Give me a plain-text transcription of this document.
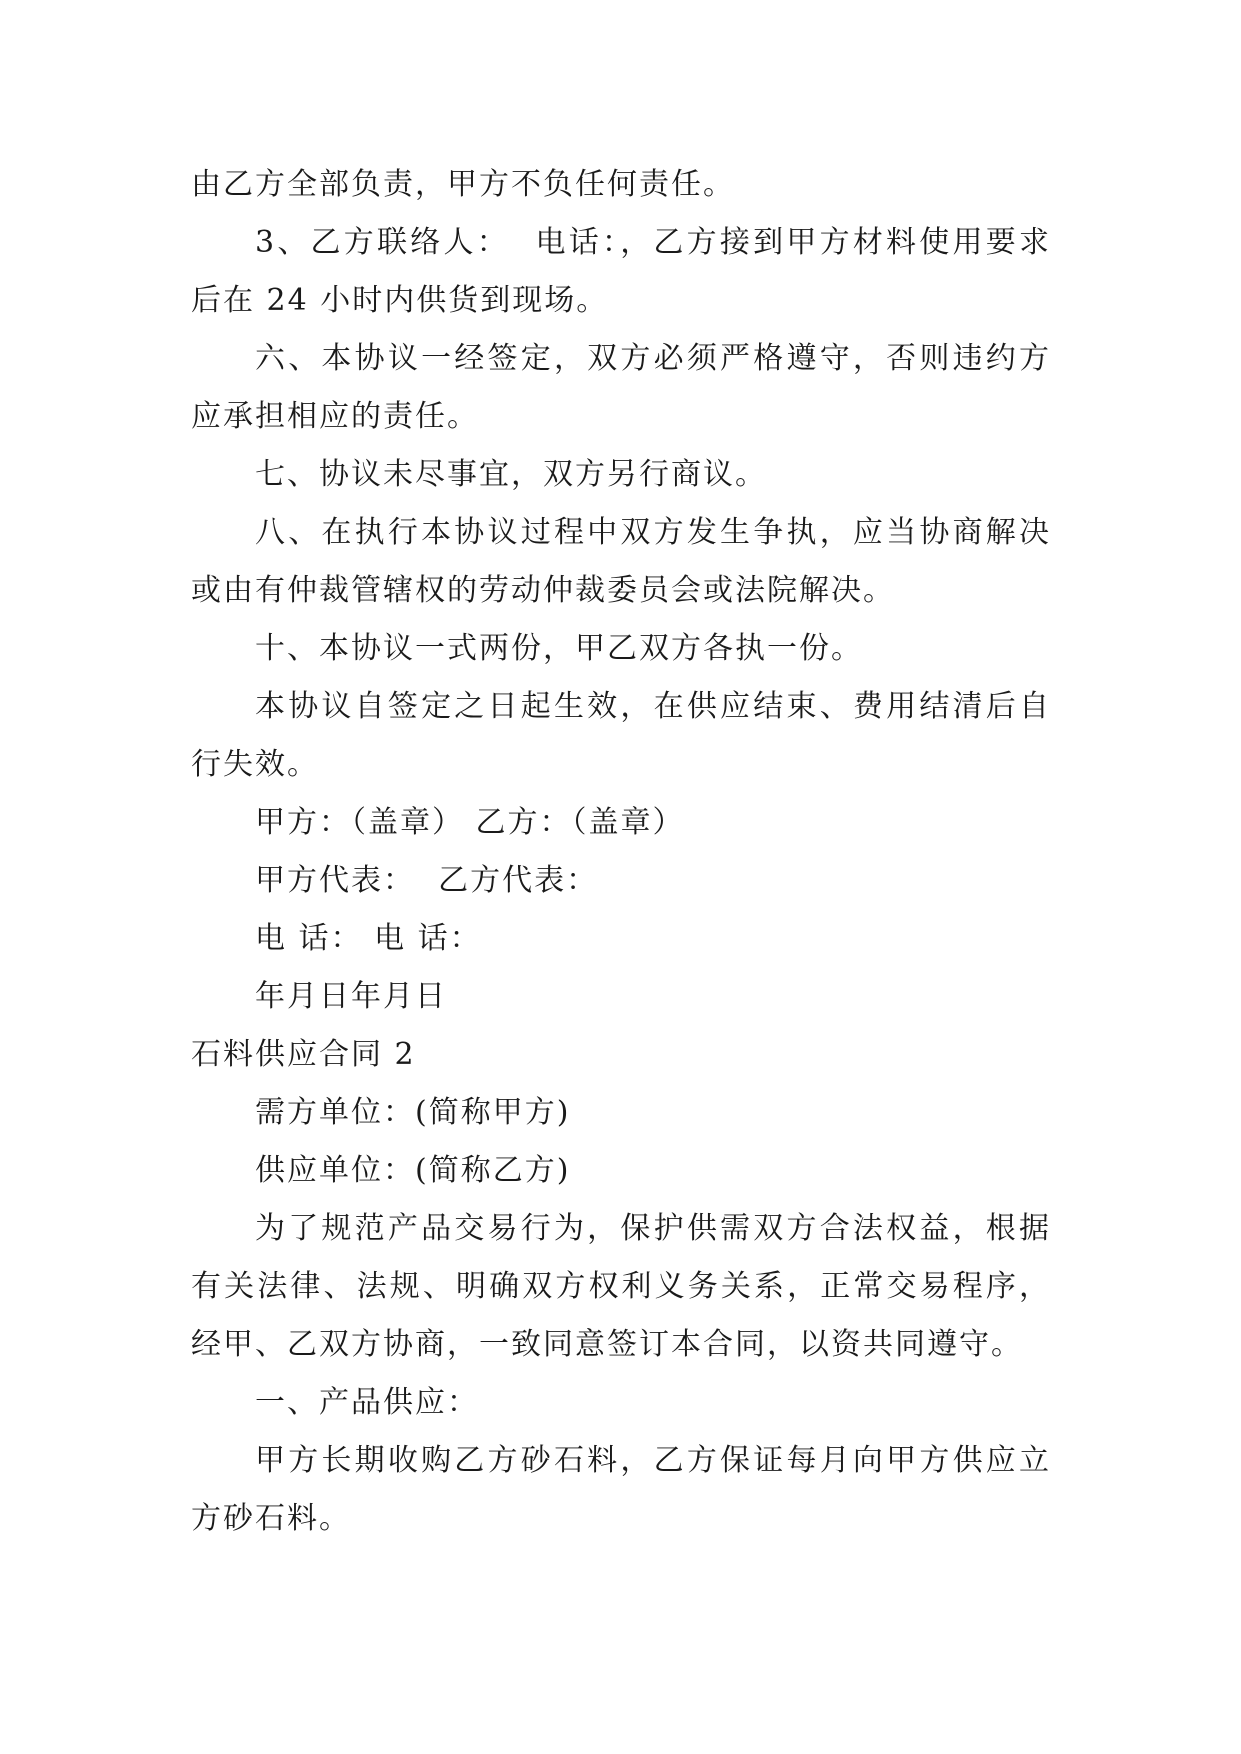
由乙方全部负责，甲方不负任何责任。

3、乙方联络人：  电话：，乙方接到甲方材料使用要求后在 24 小时内供货到现场。

六、本协议一经签定，双方必须严格遵守，否则违约方应承担相应的责任。

七、协议未尽事宜，双方另行商议。

八、在执行本协议过程中双方发生争执，应当协商解决或由有仲裁管辖权的劳动仲裁委员会或法院解决。

十、本协议一式两份，甲乙双方各执一份。

本协议自签定之日起生效，在供应结束、费用结清后自行失效。

甲方：（盖章） 乙方：（盖章）

甲方代表：  乙方代表：

电 话： 电 话：

年月日年月日

石料供应合同 2

需方单位：(简称甲方)

供应单位：(简称乙方)

为了规范产品交易行为，保护供需双方合法权益，根据有关法律、法规、明确双方权利义务关系，正常交易程序，经甲、乙双方协商，一致同意签订本合同，以资共同遵守。

一、产品供应：

甲方长期收购乙方砂石料，乙方保证每月向甲方供应立方砂石料。
